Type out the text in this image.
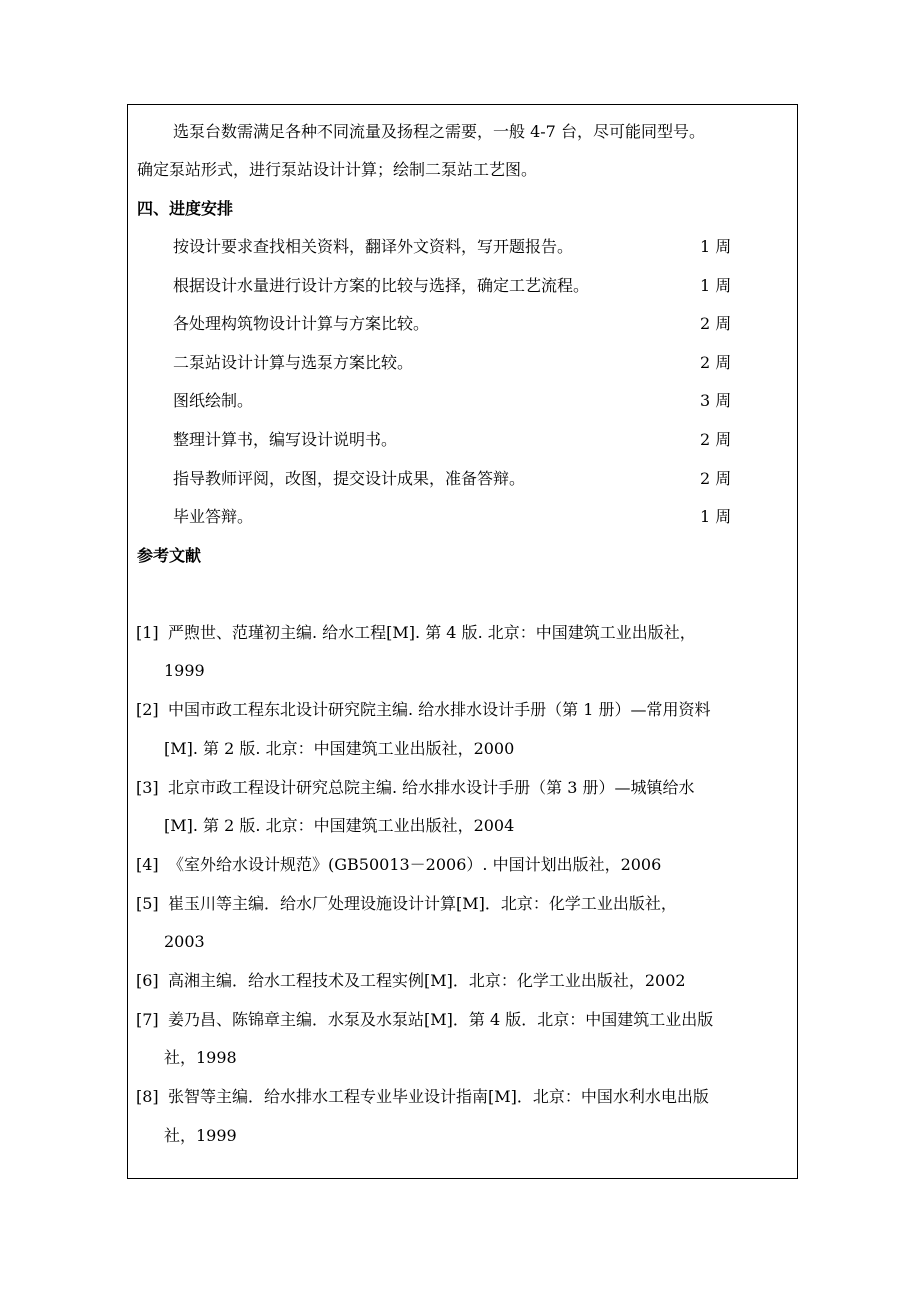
选泵台数需满足各种不同流量及扬程之需要，一般 4-7 台，尽可能同型号。
确定泵站形式，进行泵站设计计算；绘制二泵站工艺图。
四、进度安排
按设计要求查找相关资料，翻译外文资料，写开题报告。	1 周
根据设计水量进行设计方案的比较与选择，确定工艺流程。	1 周
各处理构筑物设计计算与方案比较。	2 周
二泵站设计计算与选泵方案比较。	2 周
图纸绘制。	3 周
整理计算书，编写设计说明书。	2 周
指导教师评阅，改图，提交设计成果，准备答辩。	2 周
毕业答辩。	1 周
参考文献
[1] 严煦世、范瑾初主编. 给水工程[M]. 第 4 版. 北京：中国建筑工业出版社，
1999
[2] 中国市政工程东北设计研究院主编. 给水排水设计手册（第 1 册）—常用资料
[M]. 第 2 版. 北京：中国建筑工业出版社，2000
[3] 北京市政工程设计研究总院主编. 给水排水设计手册（第 3 册）—城镇给水
[M]. 第 2 版. 北京：中国建筑工业出版社，2004
[4] 《室外给水设计规范》(GB50013－2006）. 中国计划出版社，2006
[5] 崔玉川等主编．给水厂处理设施设计计算[M]．北京：化学工业出版社，
2003
[6] 高湘主编．给水工程技术及工程实例[M]．北京：化学工业出版社，2002
[7] 姜乃昌、陈锦章主编．水泵及水泵站[M]．第 4 版．北京：中国建筑工业出版
社，1998
[8] 张智等主编．给水排水工程专业毕业设计指南[M]．北京：中国水利水电出版
社，1999
